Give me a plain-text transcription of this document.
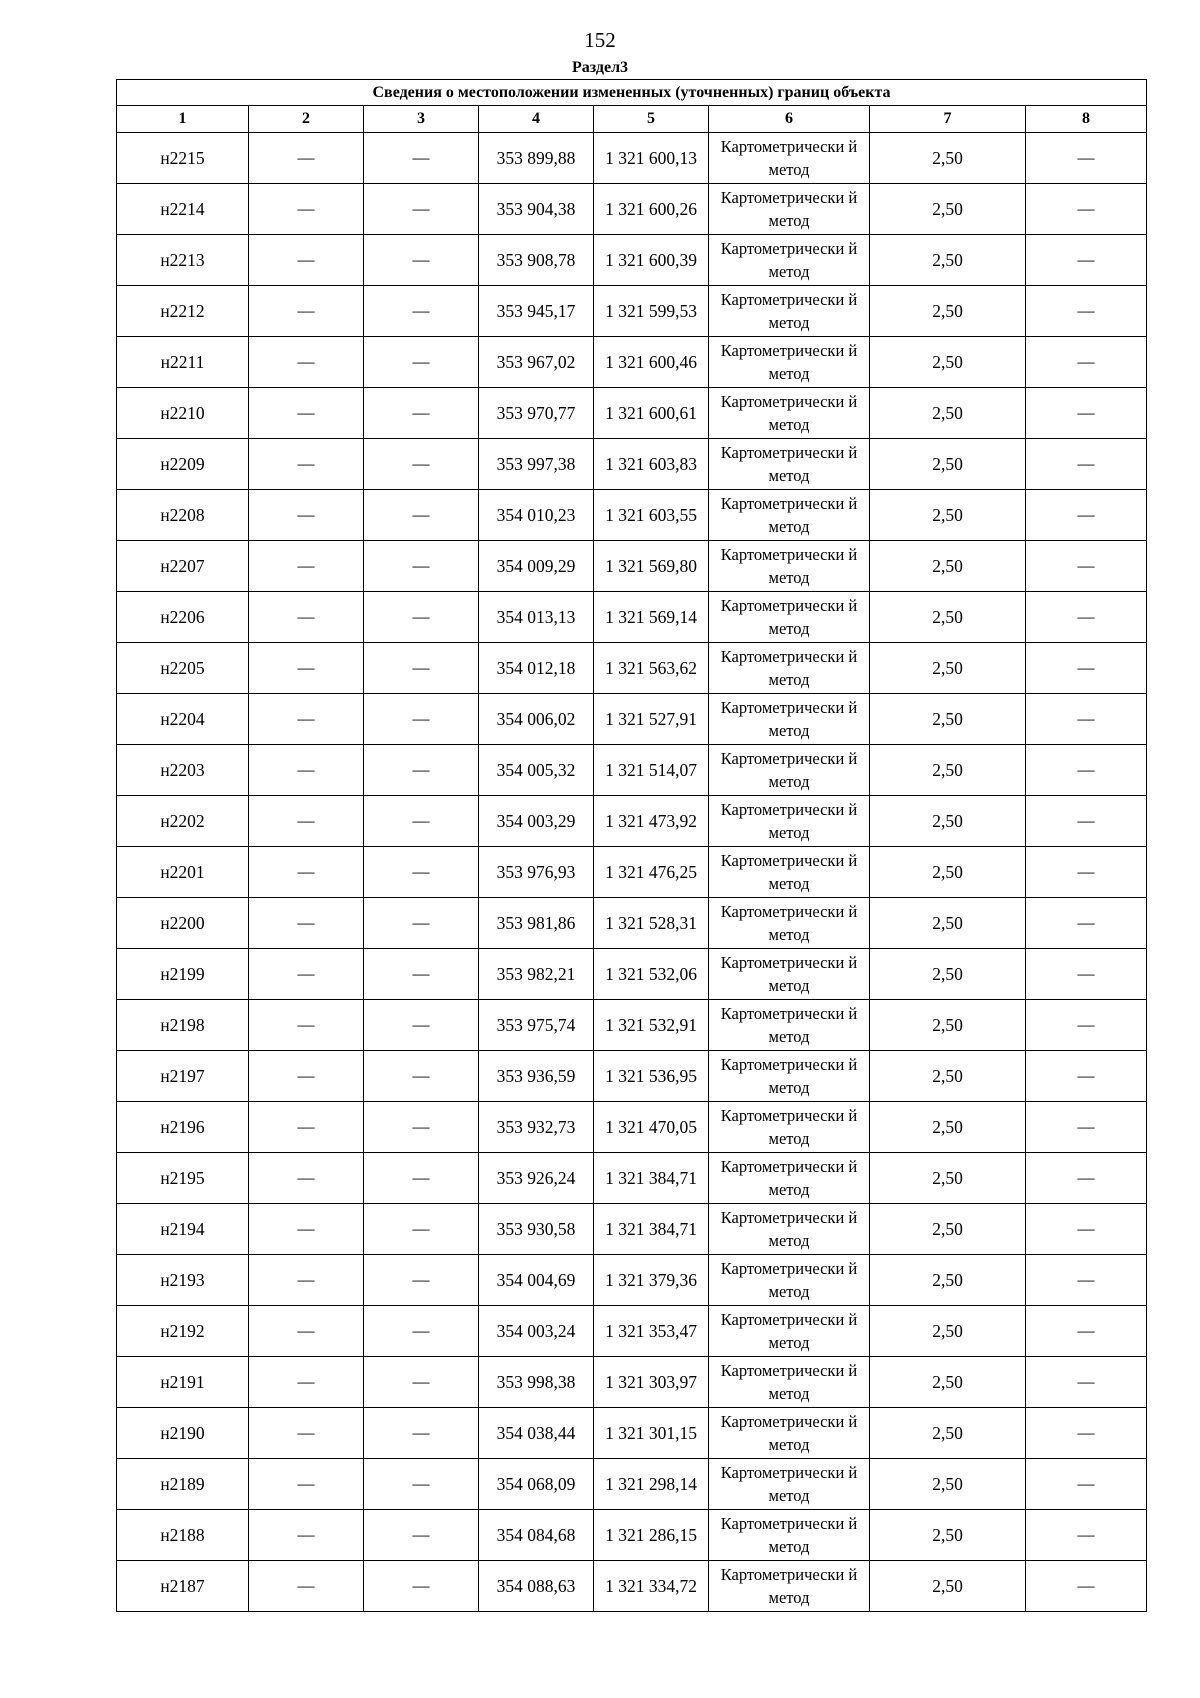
152
Раздел3
Сведения о местоположении измененных (уточненных) границ объекта							
1	2	3	4	5	6	7	8
н2215	—	—	353 899,88	1 321 600,13	Картометрически й метод	2,50	—
н2214	—	—	353 904,38	1 321 600,26	Картометрически й метод	2,50	—
н2213	—	—	353 908,78	1 321 600,39	Картометрически й метод	2,50	—
н2212	—	—	353 945,17	1 321 599,53	Картометрически й метод	2,50	—
н2211	—	—	353 967,02	1 321 600,46	Картометрически й метод	2,50	—
н2210	—	—	353 970,77	1 321 600,61	Картометрически й метод	2,50	—
н2209	—	—	353 997,38	1 321 603,83	Картометрически й метод	2,50	—
н2208	—	—	354 010,23	1 321 603,55	Картометрически й метод	2,50	—
н2207	—	—	354 009,29	1 321 569,80	Картометрически й метод	2,50	—
н2206	—	—	354 013,13	1 321 569,14	Картометрически й метод	2,50	—
н2205	—	—	354 012,18	1 321 563,62	Картометрически й метод	2,50	—
н2204	—	—	354 006,02	1 321 527,91	Картометрически й метод	2,50	—
н2203	—	—	354 005,32	1 321 514,07	Картометрически й метод	2,50	—
н2202	—	—	354 003,29	1 321 473,92	Картометрически й метод	2,50	—
н2201	—	—	353 976,93	1 321 476,25	Картометрически й метод	2,50	—
н2200	—	—	353 981,86	1 321 528,31	Картометрически й метод	2,50	—
н2199	—	—	353 982,21	1 321 532,06	Картометрически й метод	2,50	—
н2198	—	—	353 975,74	1 321 532,91	Картометрически й метод	2,50	—
н2197	—	—	353 936,59	1 321 536,95	Картометрически й метод	2,50	—
н2196	—	—	353 932,73	1 321 470,05	Картометрически й метод	2,50	—
н2195	—	—	353 926,24	1 321 384,71	Картометрически й метод	2,50	—
н2194	—	—	353 930,58	1 321 384,71	Картометрически й метод	2,50	—
н2193	—	—	354 004,69	1 321 379,36	Картометрически й метод	2,50	—
н2192	—	—	354 003,24	1 321 353,47	Картометрически й метод	2,50	—
н2191	—	—	353 998,38	1 321 303,97	Картометрически й метод	2,50	—
н2190	—	—	354 038,44	1 321 301,15	Картометрически й метод	2,50	—
н2189	—	—	354 068,09	1 321 298,14	Картометрически й метод	2,50	—
н2188	—	—	354 084,68	1 321 286,15	Картометрически й метод	2,50	—
н2187	—	—	354 088,63	1 321 334,72	Картометрически й метод	2,50	—
